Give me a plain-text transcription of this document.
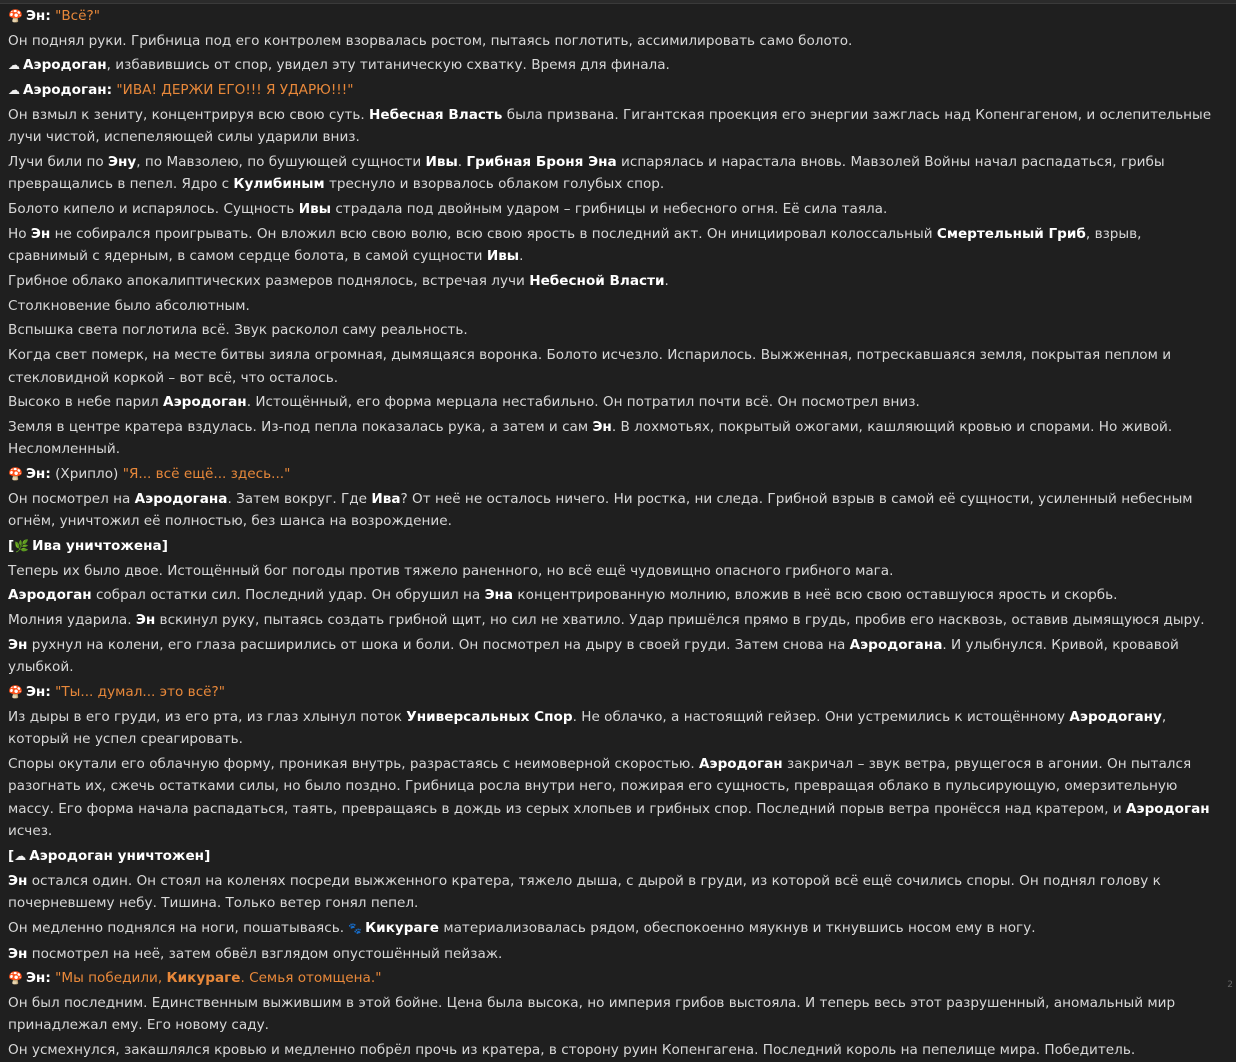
🍄 Эн: "Всё?"
Он поднял руки. Грибница под его контролем взорвалась ростом, пытаясь поглотить, ассимилировать само болото.
☁ Аэродоган, избавившись от спор, увидел эту титаническую схватку. Время для финала.
☁ Аэродоган: "ИВА! ДЕРЖИ ЕГО!!! Я УДАРЮ!!!"
Он взмыл к зениту, концентрируя всю свою суть. Небесная Власть была призвана. Гигантская проекция его энергии зажглась над Копенгагеном, и ослепительные лучи чистой, испепеляющей силы ударили вниз.
Лучи били по Эну, по Мавзолею, по бушующей сущности Ивы. Грибная Броня Эна испарялась и нарастала вновь. Мавзолей Войны начал распадаться, грибы превращались в пепел. Ядро с Кулибиным треснуло и взорвалось облаком голубых спор.
Болото кипело и испарялось. Сущность Ивы страдала под двойным ударом – грибницы и небесного огня. Её сила таяла.
Но Эн не собирался проигрывать. Он вложил всю свою волю, всю свою ярость в последний акт. Он инициировал колоссальный Смертельный Гриб, взрыв, сравнимый с ядерным, в самом сердце болота, в самой сущности Ивы.
Грибное облако апокалиптических размеров поднялось, встречая лучи Небесной Власти.
Столкновение было абсолютным.
Вспышка света поглотила всё. Звук расколол саму реальность.
Когда свет померк, на месте битвы зияла огромная, дымящаяся воронка. Болото исчезло. Испарилось. Выжженная, потрескавшаяся земля, покрытая пеплом и стекловидной коркой – вот всё, что осталось.
Высоко в небе парил Аэродоган. Истощённый, его форма мерцала нестабильно. Он потратил почти всё. Он посмотрел вниз.
Земля в центре кратера вздулась. Из-под пепла показалась рука, а затем и сам Эн. В лохмотьях, покрытый ожогами, кашляющий кровью и спорами. Но живой. Несломленный.
🍄 Эн: (Хрипло) "Я... всё ещё... здесь..."
Он посмотрел на Аэродогана. Затем вокруг. Где Ива? От неё не осталось ничего. Ни ростка, ни следа. Грибной взрыв в самой её сущности, усиленный небесным огнём, уничтожил её полностью, без шанса на возрождение.
[🌿 Ива уничтожена]
Теперь их было двое. Истощённый бог погоды против тяжело раненного, но всё ещё чудовищно опасного грибного мага.
Аэродоган собрал остатки сил. Последний удар. Он обрушил на Эна концентрированную молнию, вложив в неё всю свою оставшуюся ярость и скорбь.
Молния ударила. Эн вскинул руку, пытаясь создать грибной щит, но сил не хватило. Удар пришёлся прямо в грудь, пробив его насквозь, оставив дымящуюся дыру.
Эн рухнул на колени, его глаза расширились от шока и боли. Он посмотрел на дыру в своей груди. Затем снова на Аэродогана. И улыбнулся. Кривой, кровавой улыбкой.
🍄 Эн: "Ты... думал... это всё?"
Из дыры в его груди, из его рта, из глаз хлынул поток Универсальных Спор. Не облачко, а настоящий гейзер. Они устремились к истощённому Аэродогану, который не успел среагировать.
Споры окутали его облачную форму, проникая внутрь, разрастаясь с неимоверной скоростью. Аэродоган закричал – звук ветра, рвущегося в агонии. Он пытался разогнать их, сжечь остатками силы, но было поздно. Грибница росла внутри него, пожирая его сущность, превращая облако в пульсирующую, омерзительную массу. Его форма начала распадаться, таять, превращаясь в дождь из серых хлопьев и грибных спор. Последний порыв ветра пронёсся над кратером, и Аэродоган исчез.
[☁ Аэродоган уничтожен]
Эн остался один. Он стоял на коленях посреди выжженного кратера, тяжело дыша, с дырой в груди, из которой всё ещё сочились споры. Он поднял голову к почерневшему небу. Тишина. Только ветер гонял пепел.
Он медленно поднялся на ноги, пошатываясь. 🐾 Кикураге материализовалась рядом, обеспокоенно мяукнув и ткнувшись носом ему в ногу.
Эн посмотрел на неё, затем обвёл взглядом опустошённый пейзаж.
🍄 Эн: "Мы победили, Кикураге. Семья отомщена."
Он был последним. Единственным выжившим в этой бойне. Цена была высока, но империя грибов выстояла. И теперь весь этот разрушенный, аномальный мир принадлежал ему. Его новому саду.
Он усмехнулся, закашлялся кровью и медленно побрёл прочь из кратера, в сторону руин Копенгагена. Последний король на пепелище мира. Победитель.	2
